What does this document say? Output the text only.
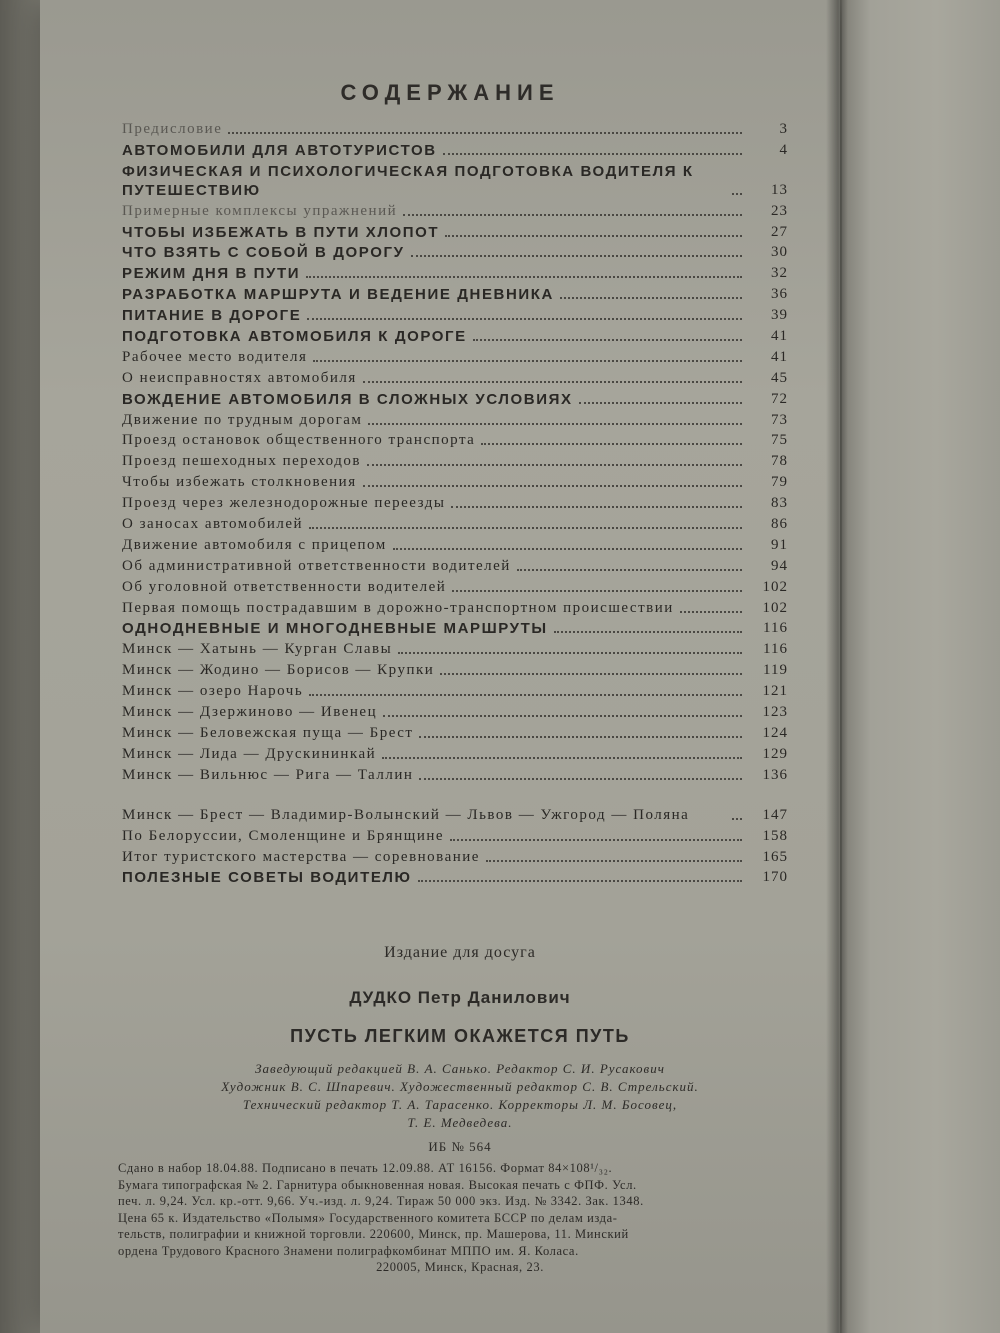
СОДЕРЖАНИЕ
Предисловие	3
АВТОМОБИЛИ ДЛЯ АВТОТУРИСТОВ	4
ФИЗИЧЕСКАЯ И ПСИХОЛОГИЧЕСКАЯ ПОДГОТОВКА ВОДИТЕЛЯ К ПУТЕШЕСТВИЮ	13
Примерные комплексы упражнений	23
ЧТОБЫ ИЗБЕЖАТЬ В ПУТИ ХЛОПОТ	27
ЧТО ВЗЯТЬ С СОБОЙ В ДОРОГУ	30
РЕЖИМ ДНЯ В ПУТИ	32
РАЗРАБОТКА МАРШРУТА И ВЕДЕНИЕ ДНЕВНИКА	36
ПИТАНИЕ В ДОРОГЕ	39
ПОДГОТОВКА АВТОМОБИЛЯ К ДОРОГЕ	41
Рабочее место водителя	41
О неисправностях автомобиля	45
ВОЖДЕНИЕ АВТОМОБИЛЯ В СЛОЖНЫХ УСЛОВИЯХ	72
Движение по трудным дорогам	73
Проезд остановок общественного транспорта	75
Проезд пешеходных переходов	78
Чтобы избежать столкновения	79
Проезд через железнодорожные переезды	83
О заносах автомобилей	86
Движение автомобиля с прицепом	91
Об административной ответственности водителей	94
Об уголовной ответственности водителей	102
Первая помощь пострадавшим в дорожно-транспортном происшествии	102
ОДНОДНЕВНЫЕ И МНОГОДНЕВНЫЕ МАРШРУТЫ	116
Минск — Хатынь — Курган Славы	116
Минск — Жодино — Борисов — Крупки	119
Минск — озеро Нарочь	121
Минск — Дзержиново — Ивенец	123
Минск — Беловежская пуща — Брест	124
Минск — Лида — Друскининкай	129
Минск — Вильнюс — Рига — Таллин	136
Минск — Брест — Владимир-Волынский — Львов — Ужгород — Поляна	147
По Белоруссии, Смоленщине и Брянщине	158
Итог туристского мастерства — соревнование	165
ПОЛЕЗНЫЕ СОВЕТЫ ВОДИТЕЛЮ	170
Издание для досуга
ДУДКО Петр Данилович
ПУСТЬ ЛЕГКИМ ОКАЖЕТСЯ ПУТЬ
Заведующий редакцией В. А. Санько. Редактор С. И. Русакович
Художник В. С. Шпаревич. Художественный редактор С. В. Стрельский.
Технический редактор Т. А. Тарасенко. Корректоры Л. М. Босовец,
Т. Е. Медведева.
ИБ № 564
Сдано в набор 18.04.88. Подписано в печать 12.09.88. АТ 16156. Формат 84×108¹/₃₂.
Бумага типографская № 2. Гарнитура обыкновенная новая. Высокая печать с ФПФ. Усл.
печ. л. 9,24. Усл. кр.-отт. 9,66. Уч.-изд. л. 9,24. Тираж 50 000 экз. Изд. № 3342. Зак. 1348.
Цена 65 к. Издательство «Полымя» Государственного комитета БССР по делам изда-
тельств, полиграфии и книжной торговли. 220600, Минск, пр. Машерова, 11. Минский
ордена Трудового Красного Знамени полиграфкомбинат МППО им. Я. Коласа.
220005, Минск, Красная, 23.
